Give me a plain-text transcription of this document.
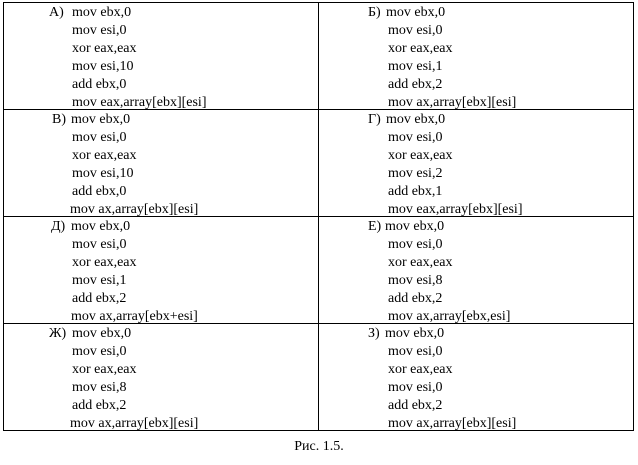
А) mov ebx,0
mov esi,0
xor eax,eax
mov esi,10
add ebx,0
mov eax,array[ebx][esi]
Б) mov ebx,0
mov esi,0
xor eax,eax
mov esi,1
add ebx,2
mov ax,array[ebx][esi]
В) mov ebx,0
mov esi,0
xor eax,eax
mov esi,10
add ebx,0
mov ax,array[ebx][esi]
Г) mov ebx,0
mov esi,0
xor eax,eax
mov esi,2
add ebx,1
mov eax,array[ebx][esi]
Д) mov ebx,0
mov esi,0
xor eax,eax
mov esi,1
add ebx,2
mov ax,array[ebx+esi]
Е) mov ebx,0
mov esi,0
xor eax,eax
mov esi,8
add ebx,2
mov ax,array[ebx,esi]
Ж) mov ebx,0
mov esi,0
xor eax,eax
mov esi,8
add ebx,2
mov ax,array[ebx][esi]
З) mov ebx,0
mov esi,0
xor eax,eax
mov esi,0
add ebx,2
mov ax,array[ebx][esi]
Рис. 1.5.
